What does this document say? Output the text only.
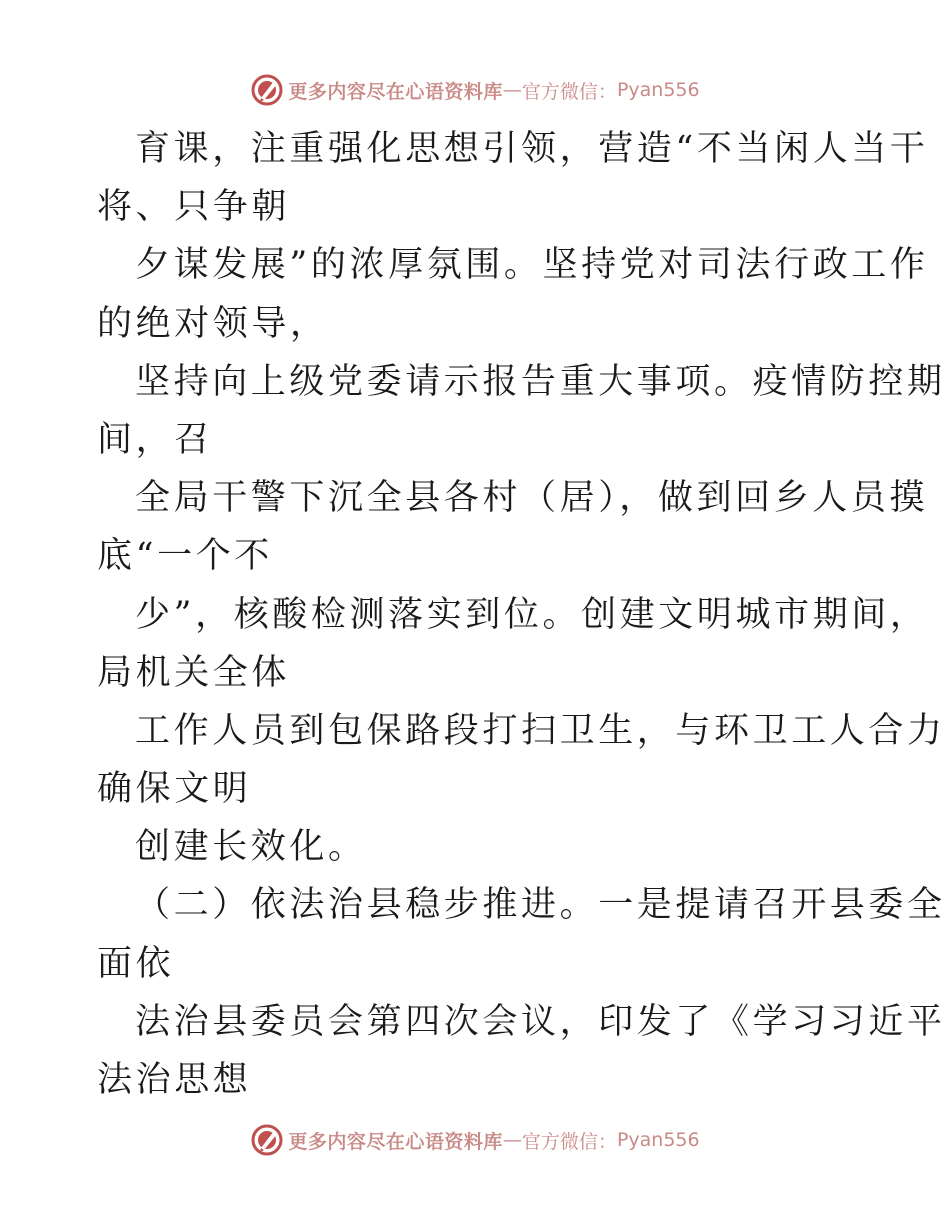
更多内容尽在心语资料库 — 官方微信： Pyan556
育课，注重强化思想引领，营造“不当闲人当干
将、只争朝
夕谋发展”的浓厚氛围。坚持党对司法行政工作
的绝对领导，
坚持向上级党委请示报告重大事项。疫情防控期
间，召
全局干警下沉全县各村（居），做到回乡人员摸
底“一个不
少”，核酸检测落实到位。创建文明城市期间，
局机关全体
工作人员到包保路段打扫卫生，与环卫工人合力
确保文明
创建长效化。
（二）依法治县稳步推进。一是提请召开县委全
面依
法治县委员会第四次会议，印发了《学习习近平
法治思想
更多内容尽在心语资料库 — 官方微信： Pyan556
